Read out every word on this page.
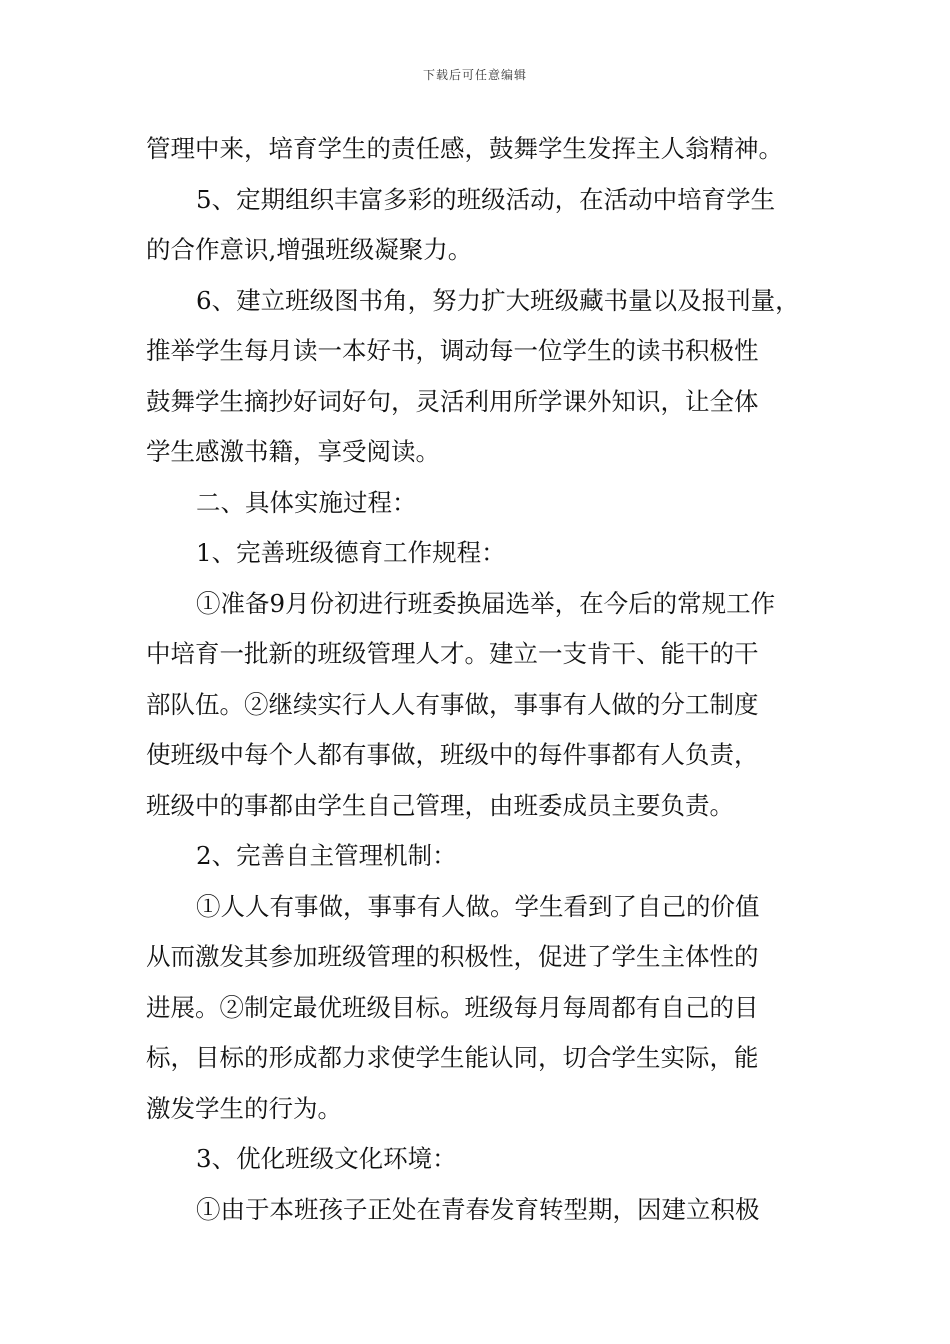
下载后可任意编辑
管理中来，培育学生的责任感，鼓舞学生发挥主人翁精神。
5、定期组织丰富多彩的班级活动，在活动中培育学生
的合作意识,增强班级凝聚力。
6、建立班级图书角，努力扩大班级藏书量以及报刊量，
推举学生每月读一本好书，调动每一位学生的读书积极性
鼓舞学生摘抄好词好句，灵活利用所学课外知识，让全体
学生感激书籍，享受阅读。
二、具体实施过程：
1、完善班级德育工作规程：
①准备9月份初进行班委换届选举，在今后的常规工作
中培育一批新的班级管理人才。建立一支肯干、能干的干
部队伍。②继续实行人人有事做，事事有人做的分工制度
使班级中每个人都有事做，班级中的每件事都有人负责，
班级中的事都由学生自己管理，由班委成员主要负责。
2、完善自主管理机制：
①人人有事做，事事有人做。学生看到了自己的价值
从而激发其参加班级管理的积极性，促进了学生主体性的
进展。②制定最优班级目标。班级每月每周都有自己的目
标，目标的形成都力求使学生能认同，切合学生实际，能
激发学生的行为。
3、优化班级文化环境：
①由于本班孩子正处在青春发育转型期，因建立积极
